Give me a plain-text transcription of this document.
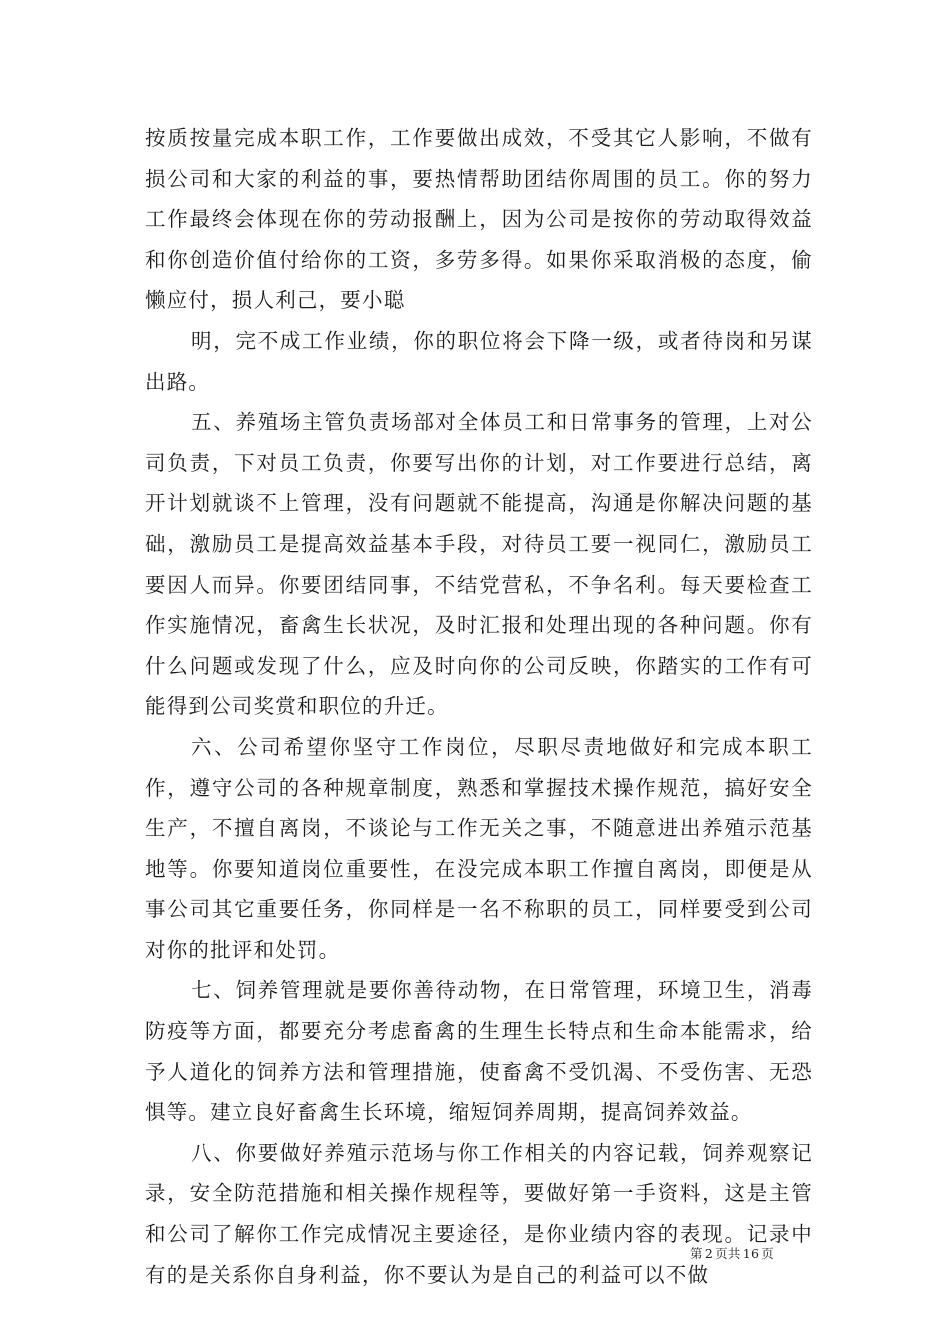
按质按量完成本职工作，工作要做出成效，不受其它人影响，不做有损公司和大家的利益的事，要热情帮助团结你周围的员工。你的努力工作最终会体现在你的劳动报酬上，因为公司是按你的劳动取得效益和你创造价值付给你的工资，多劳多得。如果你采取消极的态度，偷懒应付，损人利己，要小聪

明，完不成工作业绩，你的职位将会下降一级，或者待岗和另谋出路。

五、养殖场主管负责场部对全体员工和日常事务的管理，上对公司负责，下对员工负责，你要写出你的计划，对工作要进行总结，离开计划就谈不上管理，没有问题就不能提高，沟通是你解决问题的基础，激励员工是提高效益基本手段，对待员工要一视同仁，激励员工要因人而异。你要团结同事，不结党营私，不争名利。每天要检查工作实施情况，畜禽生长状况，及时汇报和处理出现的各种问题。你有什么问题或发现了什么，应及时向你的公司反映，你踏实的工作有可能得到公司奖赏和职位的升迁。

六、公司希望你坚守工作岗位，尽职尽责地做好和完成本职工作，遵守公司的各种规章制度，熟悉和掌握技术操作规范，搞好安全生产，不擅自离岗，不谈论与工作无关之事，不随意进出养殖示范基地等。你要知道岗位重要性，在没完成本职工作擅自离岗，即便是从事公司其它重要任务，你同样是一名不称职的员工，同样要受到公司对你的批评和处罚。

七、饲养管理就是要你善待动物，在日常管理，环境卫生，消毒防疫等方面，都要充分考虑畜禽的生理生长特点和生命本能需求，给予人道化的饲养方法和管理措施，使畜禽不受饥渴、不受伤害、无恐惧等。建立良好畜禽生长环境，缩短饲养周期，提高饲养效益。

八、你要做好养殖示范场与你工作相关的内容记载，饲养观察记录，安全防范措施和相关操作规程等，要做好第一手资料，这是主管和公司了解你工作完成情况主要途径，是你业绩内容的表现。记录中有的是关系你自身利益，你不要认为是自己的利益可以不做

第 2 页共 16 页
